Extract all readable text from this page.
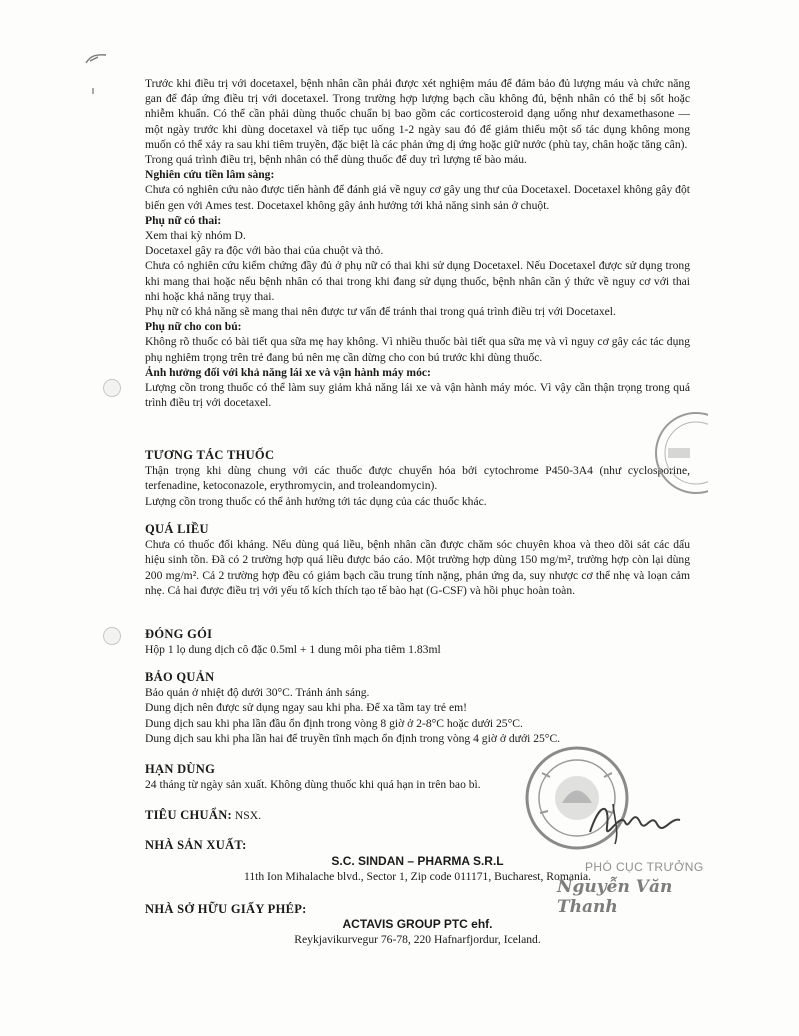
Trước khi điều trị với docetaxel, bệnh nhân cần phải được xét nghiệm máu để đảm bảo đủ lượng máu và chức năng gan để đáp ứng điều trị với docetaxel. Trong trường hợp lượng bạch cầu không đủ, bệnh nhân có thể bị sốt hoặc nhiễm khuẩn. Có thể cần phải dùng thuốc chuẩn bị bao gồm các corticosteroid dạng uống như dexamethasone — một ngày trước khi dùng docetaxel và tiếp tục uống 1-2 ngày sau đó để giảm thiểu một số tác dụng không mong muốn có thể xảy ra sau khi tiêm truyền, đặc biệt là các phản ứng dị ứng hoặc giữ nước (phù tay, chân hoặc tăng cân).

Trong quá trình điều trị, bệnh nhân có thể dùng thuốc để duy trì lượng tế bào máu.

Nghiên cứu tiền lâm sàng:

Chưa có nghiên cứu nào được tiến hành để đánh giá về nguy cơ gây ung thư của Docetaxel. Docetaxel không gây đột biến gen với Ames test. Docetaxel không gây ảnh hưởng tới khả năng sinh sản ở chuột.

Phụ nữ có thai:

Xem thai kỳ nhóm D.

Docetaxel gây ra độc với bào thai của chuột và thỏ.

Chưa có nghiên cứu kiểm chứng đầy đủ ở phụ nữ có thai khi sử dụng Docetaxel. Nếu Docetaxel được sử dụng trong khi mang thai hoặc nếu bệnh nhân có thai trong khi đang sử dụng thuốc, bệnh nhân cần ý thức về nguy cơ với thai nhi hoặc khả năng trụy thai.

Phụ nữ có khả năng sẽ mang thai nên được tư vấn để tránh thai trong quá trình điều trị với Docetaxel.

Phụ nữ cho con bú:

Không rõ thuốc có bài tiết qua sữa mẹ hay không. Vì nhiều thuốc bài tiết qua sữa mẹ và vì nguy cơ gây các tác dụng phụ nghiêm trọng trên trẻ đang bú nên mẹ cần dừng cho con bú trước khi dùng thuốc.

Ảnh hưởng đối với khả năng lái xe và vận hành máy móc:

Lượng cồn trong thuốc có thể làm suy giảm khả năng lái xe và vận hành máy móc. Vì vậy cần thận trọng trong quá trình điều trị với docetaxel.

TƯƠNG TÁC THUỐC

Thận trọng khi dùng chung với các thuốc được chuyển hóa bởi cytochrome P450-3A4 (như cyclosporine, terfenadine, ketoconazole, erythromycin, and troleandomycin).

Lượng cồn trong thuốc có thể ảnh hưởng tới tác dụng của các thuốc khác.

QUÁ LIỀU

Chưa có thuốc đối kháng. Nếu dùng quá liều, bệnh nhân cần được chăm sóc chuyên khoa và theo dõi sát các dấu hiệu sinh tồn. Đã có 2 trường hợp quá liều được báo cáo. Một trường hợp dùng 150 mg/m², trường hợp còn lại dùng 200 mg/m². Cả 2 trường hợp đều có giảm bạch cầu trung tính nặng, phản ứng da, suy nhược cơ thể nhẹ và loạn cảm nhẹ. Cả hai được điều trị với yếu tố kích thích tạo tế bào hạt (G-CSF) và hồi phục hoàn toàn.

ĐÓNG GÓI

Hộp 1 lọ dung dịch cô đặc 0.5ml + 1 dung môi pha tiêm 1.83ml

BẢO QUẢN

Bảo quản ở nhiệt độ dưới 30°C. Tránh ánh sáng.

Dung dịch nên được sử dụng ngay sau khi pha. Để xa tầm tay trẻ em!

Dung dịch sau khi pha lần đầu ổn định trong vòng 8 giờ ở 2-8°C hoặc dưới 25°C.

Dung dịch sau khi pha lần hai để truyền tĩnh mạch ổn định trong vòng 4 giờ ở dưới 25°C.

HẠN DÙNG

24 tháng từ ngày sản xuất. Không dùng thuốc khi quá hạn in trên bao bì.

TIÊU CHUẨN: NSX.

NHÀ SẢN XUẤT:

S.C. SINDAN – PHARMA S.R.L

11th Ion Mihalache blvd., Sector 1, Zip code 011171, Bucharest, Romania.

NHÀ SỞ HỮU GIẤY PHÉP:

ACTAVIS GROUP PTC ehf.

Reykjavikurvegur 76-78, 220 Hafnarfjordur, Iceland.

PHÓ CỤC TRƯỞNG
Nguyễn Văn Thanh
